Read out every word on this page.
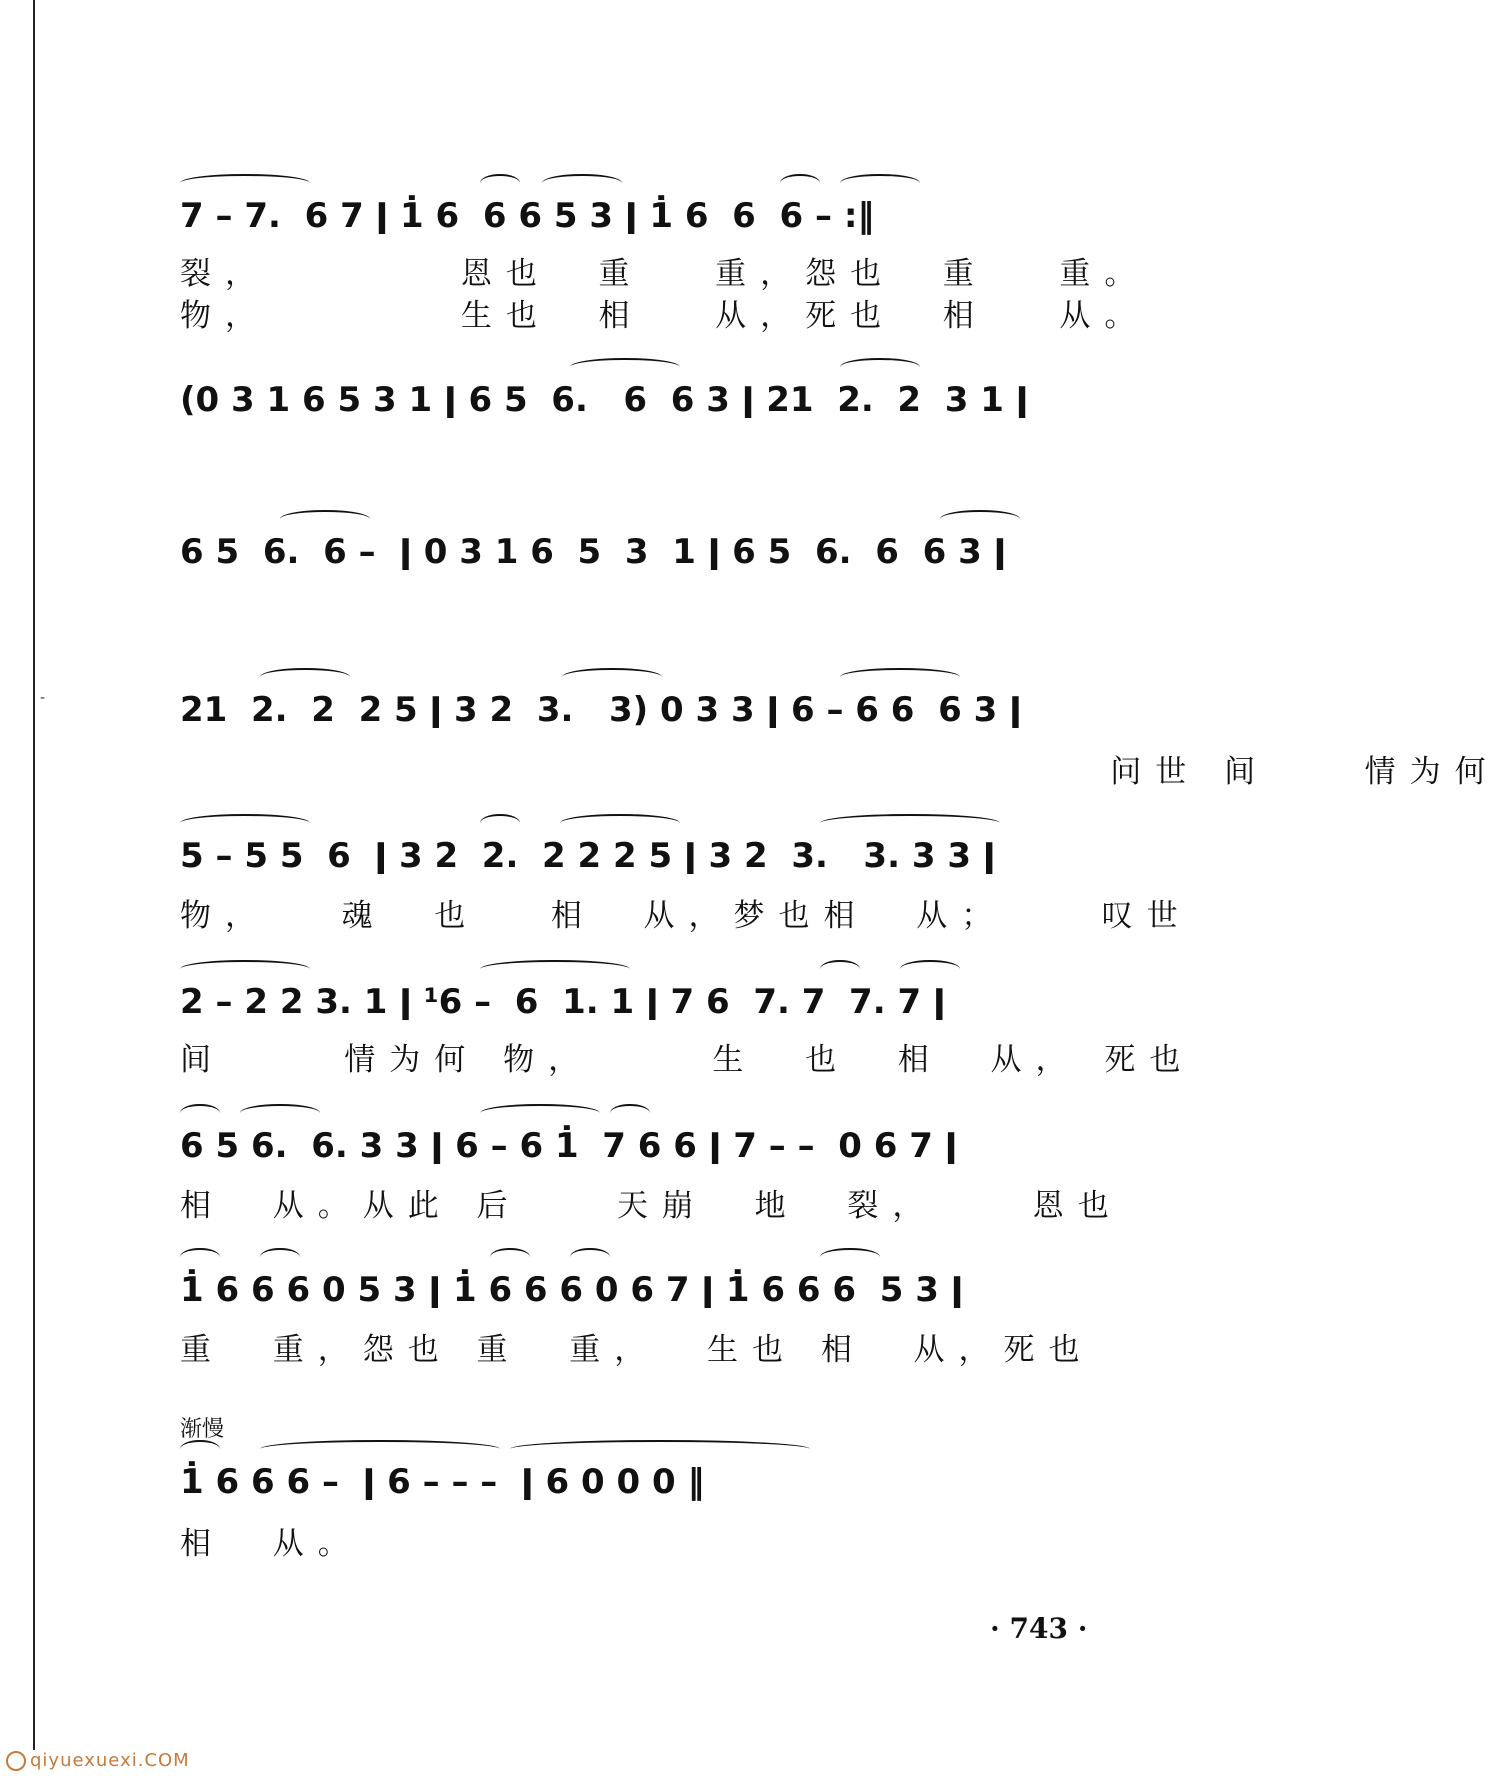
-
7 – 7.  6 7 ǀ 1̇ 6  6 6 5 3 ǀ 1̇ 6  6  6 – :‖
裂，        恩也  重   重，怨也  重   重。
物，        生也  相   从，死也  相   从。
(0 3 1 6 5 3 1 ǀ 6 5  6.   6  6 3 ǀ 21  2.  2  3 1 ǀ
6 5  6.  6 –  ǀ 0 3 1 6  5  3  1 ǀ 6 5  6.  6  6 3 ǀ
21  2.  2  2 5 ǀ 3 2  3.   3) 0 3 3 ǀ 6 – 6 6  6 3 ǀ
问世 间    情为何
5 – 5 5  6  ǀ 3 2  2.  2 2 2 5 ǀ 3 2  3.   3. 3 3 ǀ
物，   魂  也   相  从，梦也相  从；    叹世
2 – 2 2 3. 1 ǀ ¹6 –  6  1. 1 ǀ 7 6  7. 7  7. 7 ǀ
间     情为何 物，     生  也  相  从， 死也
6 5 6.  6. 3 3 ǀ 6 – 6 1̇  7 6 6 ǀ 7 – –  0 6 7 ǀ
相  从。从此 后    天崩  地  裂，    恩也
1̇ 6 6 6 0 5 3 ǀ 1̇ 6 6 6 0 6 7 ǀ 1̇ 6 6 6  5 3 ǀ
重  重，怨也 重  重，  生也 相  从，死也
渐慢
1̇ 6 6 6 –  ǀ 6 – – –  ǀ 6 0 0 0 ‖
相  从。
· 743 ·
qiyuexuexi.COM
